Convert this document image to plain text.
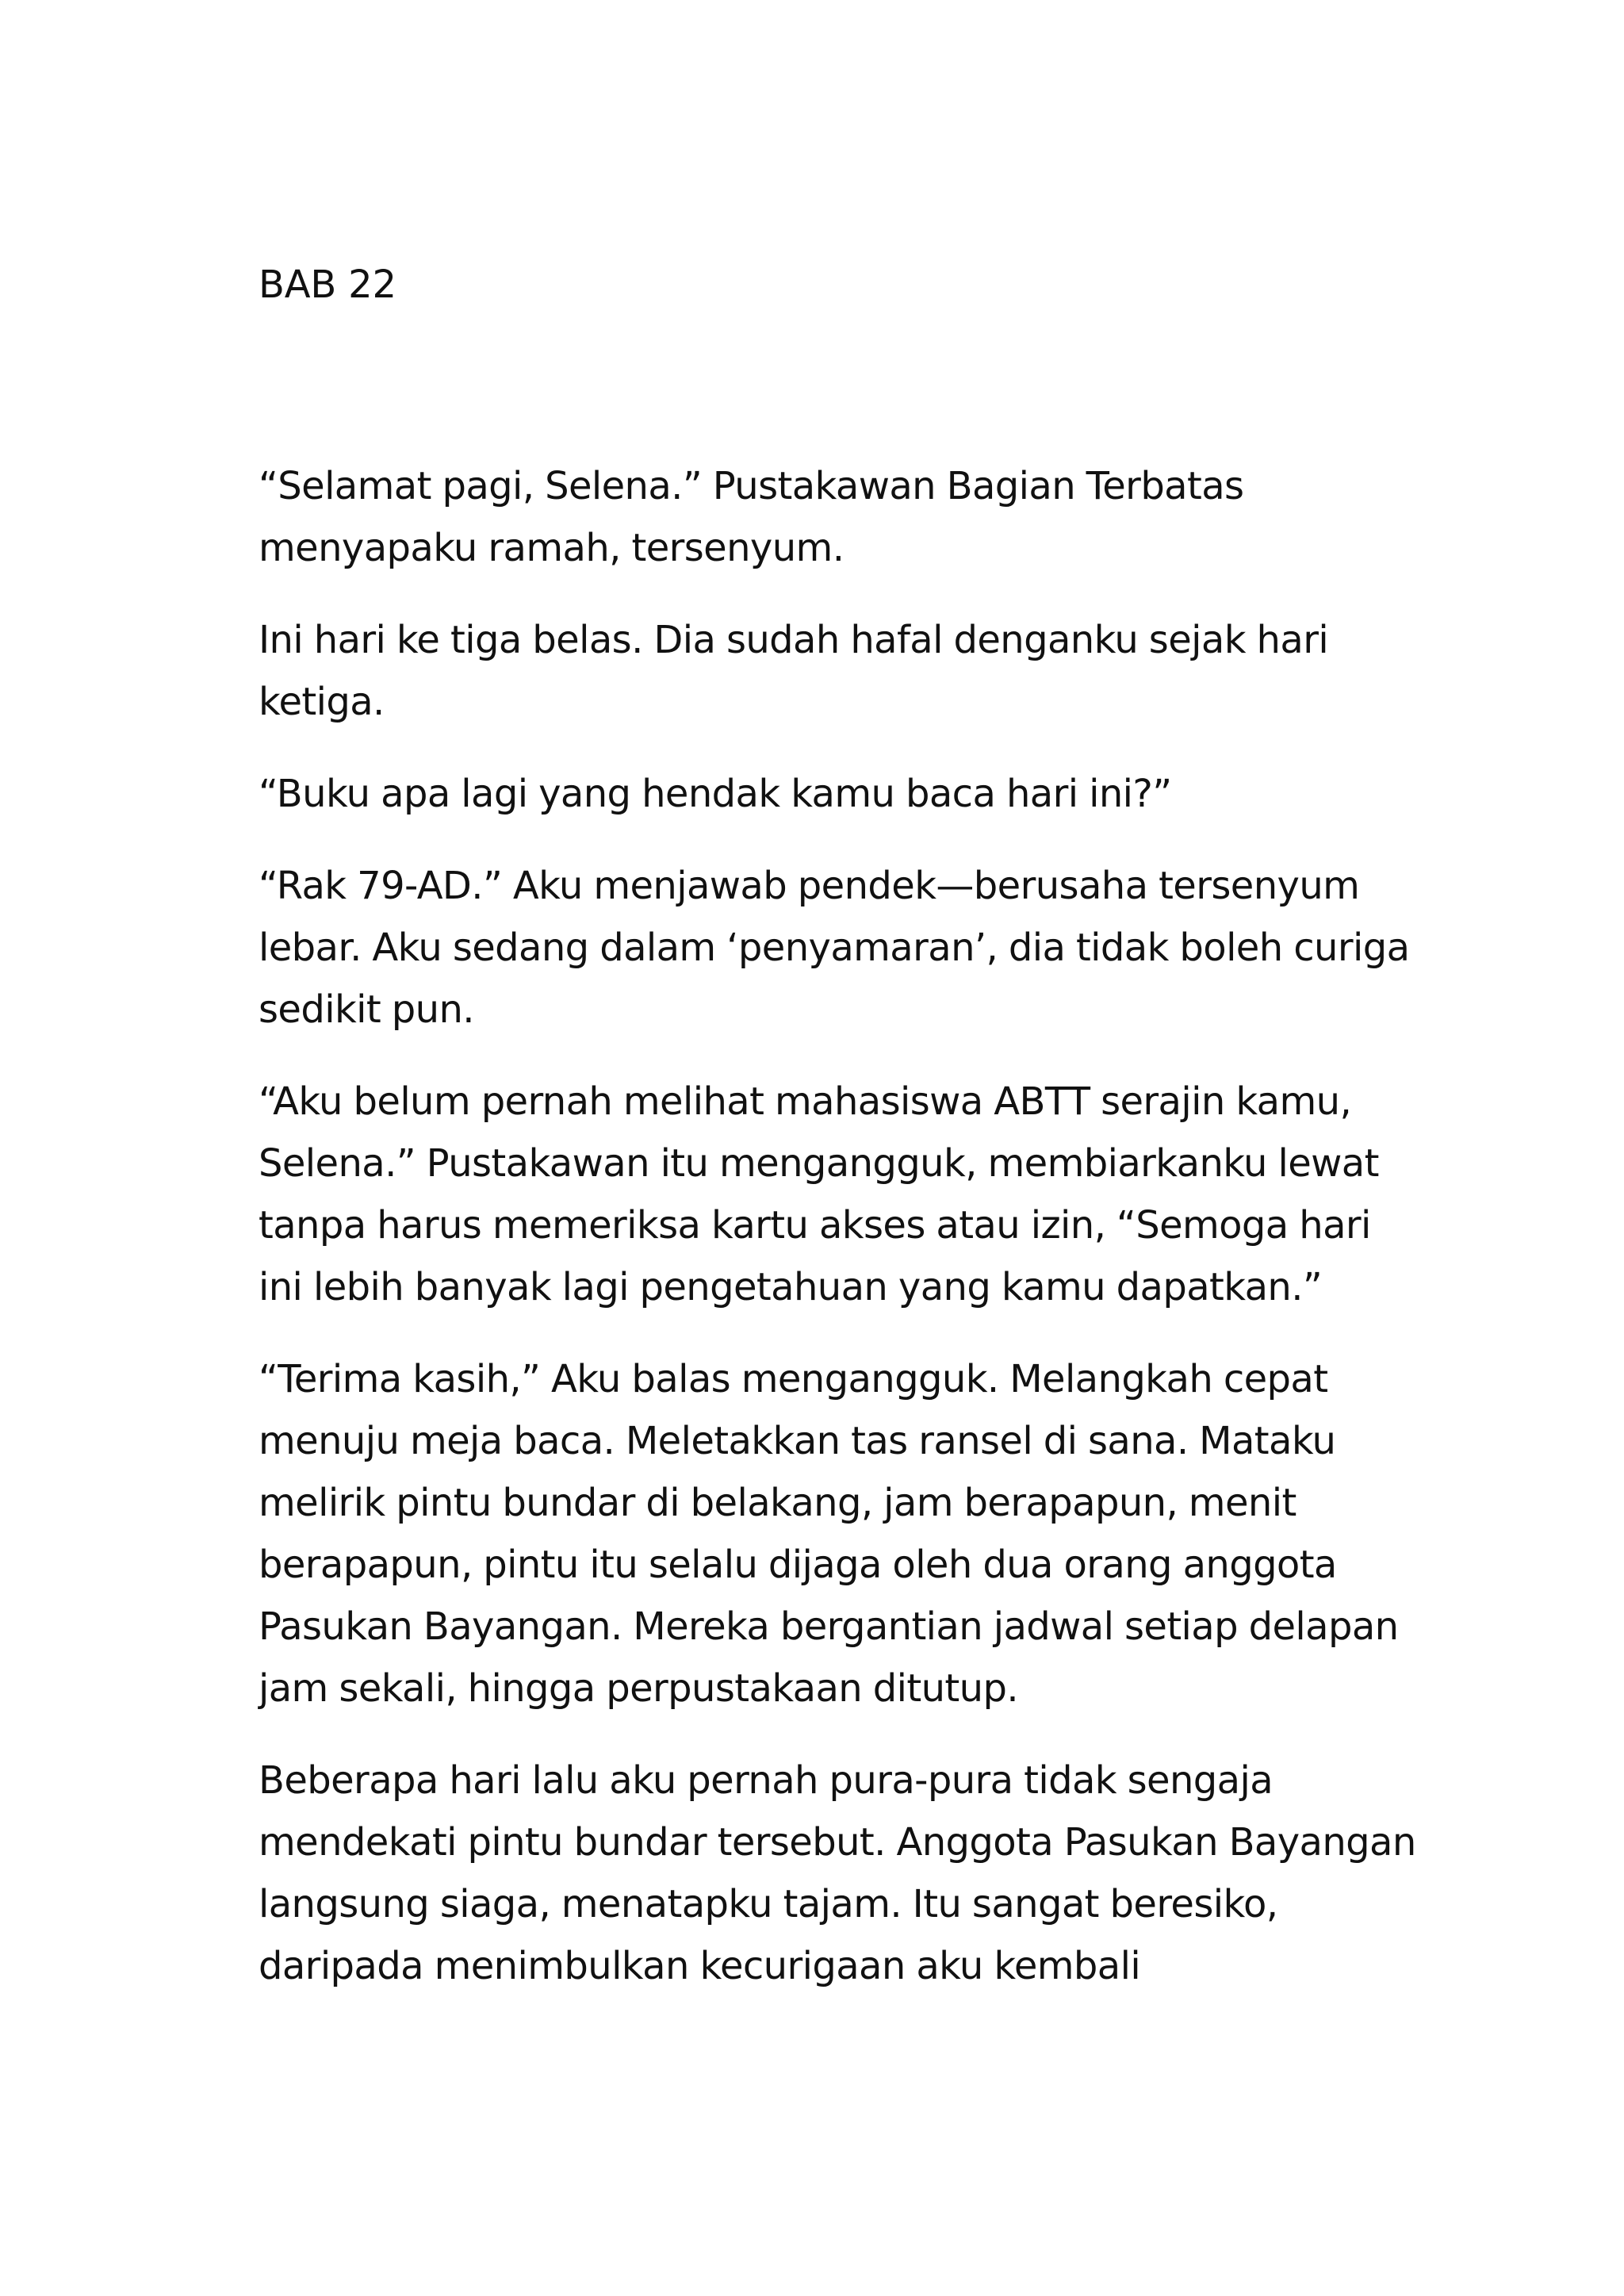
BAB 22

“Selamat pagi, Selena.” Pustakawan Bagian Terbatas menyapaku ramah, tersenyum.

Ini hari ke tiga belas. Dia sudah hafal denganku sejak hari ketiga.

“Buku apa lagi yang hendak kamu baca hari ini?”

“Rak 79-AD.” Aku menjawab pendek—berusaha tersenyum lebar. Aku sedang dalam ‘penyamaran’, dia tidak boleh curiga sedikit pun.

“Aku belum pernah melihat mahasiswa ABTT serajin kamu, Selena.” Pustakawan itu mengangguk, membiarkanku lewat tanpa harus memeriksa kartu akses atau izin, “Semoga hari ini lebih banyak lagi pengetahuan yang kamu dapatkan.”

“Terima kasih,” Aku balas mengangguk. Melangkah cepat menuju meja baca. Meletakkan tas ransel di sana. Mataku melirik pintu bundar di belakang, jam berapapun, menit berapapun, pintu itu selalu dijaga oleh dua orang anggota Pasukan Bayangan. Mereka bergantian jadwal setiap delapan jam sekali, hingga perpustakaan ditutup.

Beberapa hari lalu aku pernah pura-pura tidak sengaja mendekati pintu bundar tersebut. Anggota Pasukan Bayangan langsung siaga, menatapku tajam. Itu sangat beresiko, daripada menimbulkan kecurigaan aku kembali
